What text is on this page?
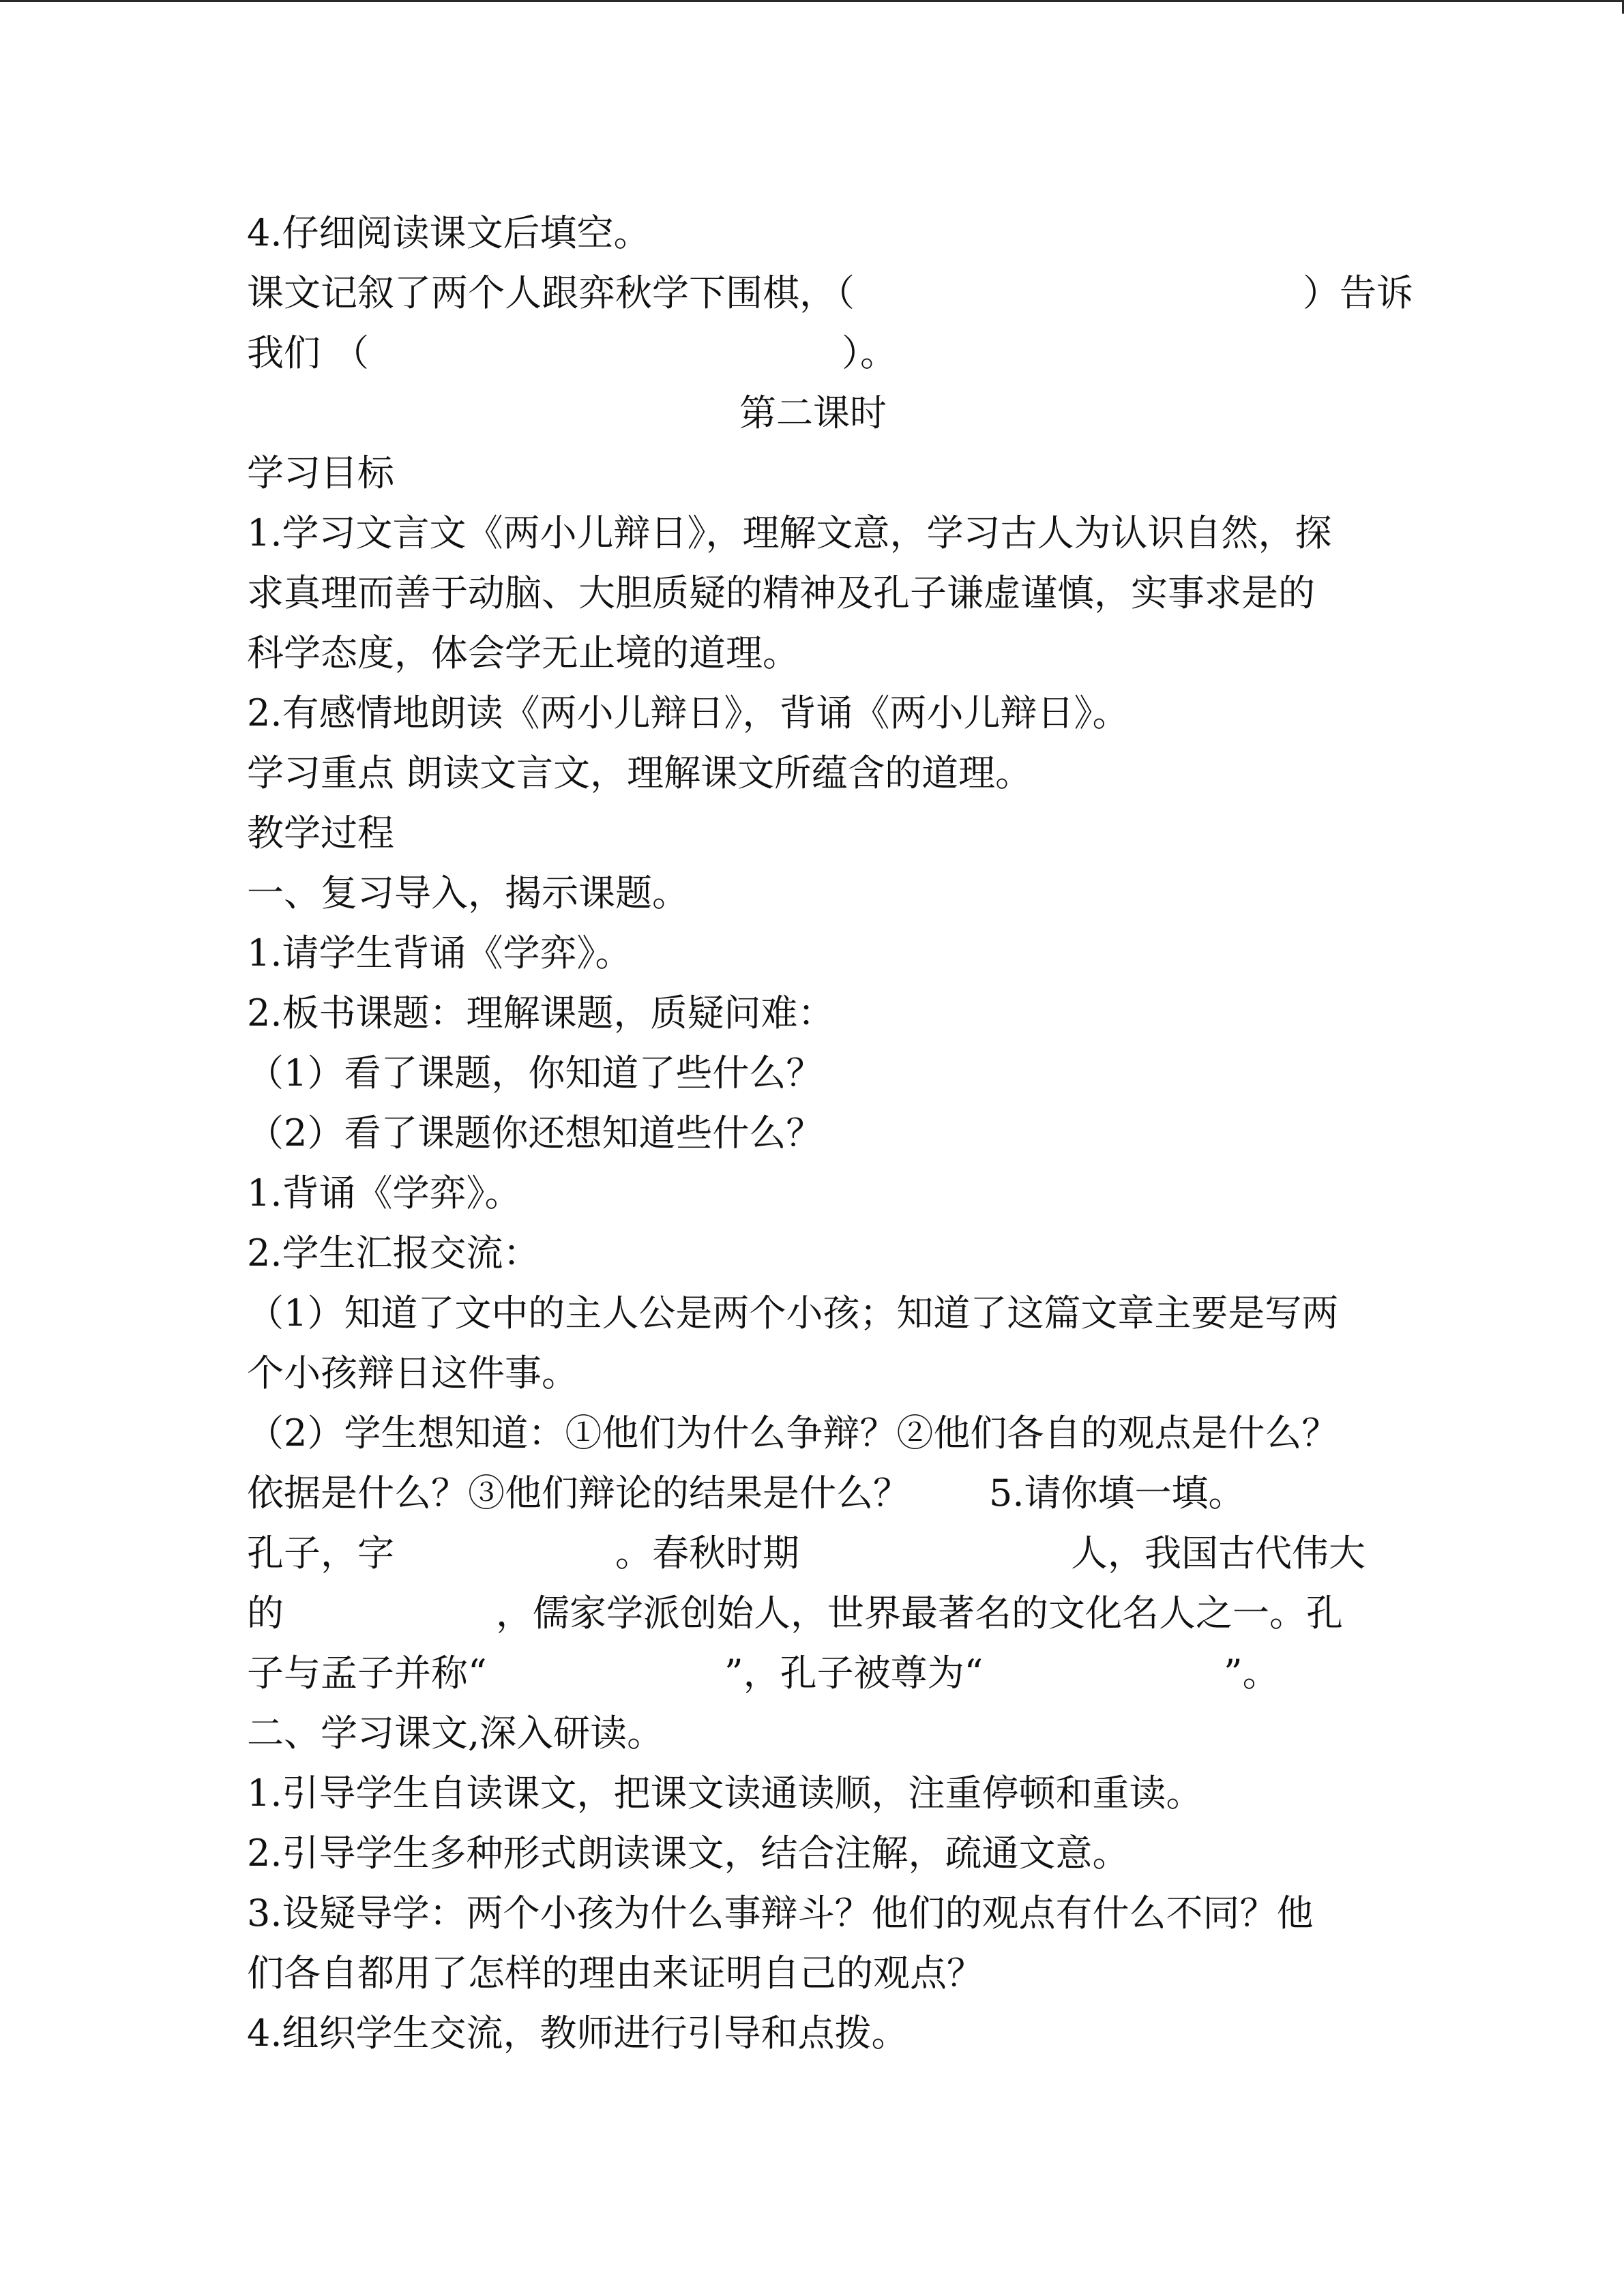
4.仔细阅读课文后填空。
课文记叙了两个人跟弈秋学下围棋，（	）告诉
我们 （	）。
第二课时
学习目标
1.学习文言文《两小儿辩日》，理解文意，学习古人为认识自然，探
求真理而善于动脑、大胆质疑的精神及孔子谦虚谨慎，实事求是的
科学态度，体会学无止境的道理。
2.有感情地朗读《两小儿辩日》，背诵《两小儿辩日》。
学习重点 朗读文言文，理解课文所蕴含的道理。
教学过程
一、复习导入，揭示课题。
1.请学生背诵《学弈》。
2.板书课题：理解课题，质疑问难：
（1）看了课题，你知道了些什么？
（2）看了课题你还想知道些什么？
1.背诵《学弈》。
2.学生汇报交流：
（1）知道了文中的主人公是两个小孩；知道了这篇文章主要是写两
个小孩辩日这件事。
（2）学生想知道：①他们为什么争辩？②他们各自的观点是什么？
依据是什么？③他们辩论的结果是什么？ 5.请你填一填。
孔子，字	。春秋时期	人，我国古代伟大
的	，儒家学派创始人，世界最著名的文化名人之一。孔
子与孟子并称“	”，孔子被尊为“	”。
二、学习课文,深入研读。
1.引导学生自读课文，把课文读通读顺，注重停顿和重读。
2.引导学生多种形式朗读课文，结合注解，疏通文意。
3.设疑导学：两个小孩为什么事辩斗？他们的观点有什么不同？他
们各自都用了怎样的理由来证明自己的观点？
4.组织学生交流，教师进行引导和点拨。
